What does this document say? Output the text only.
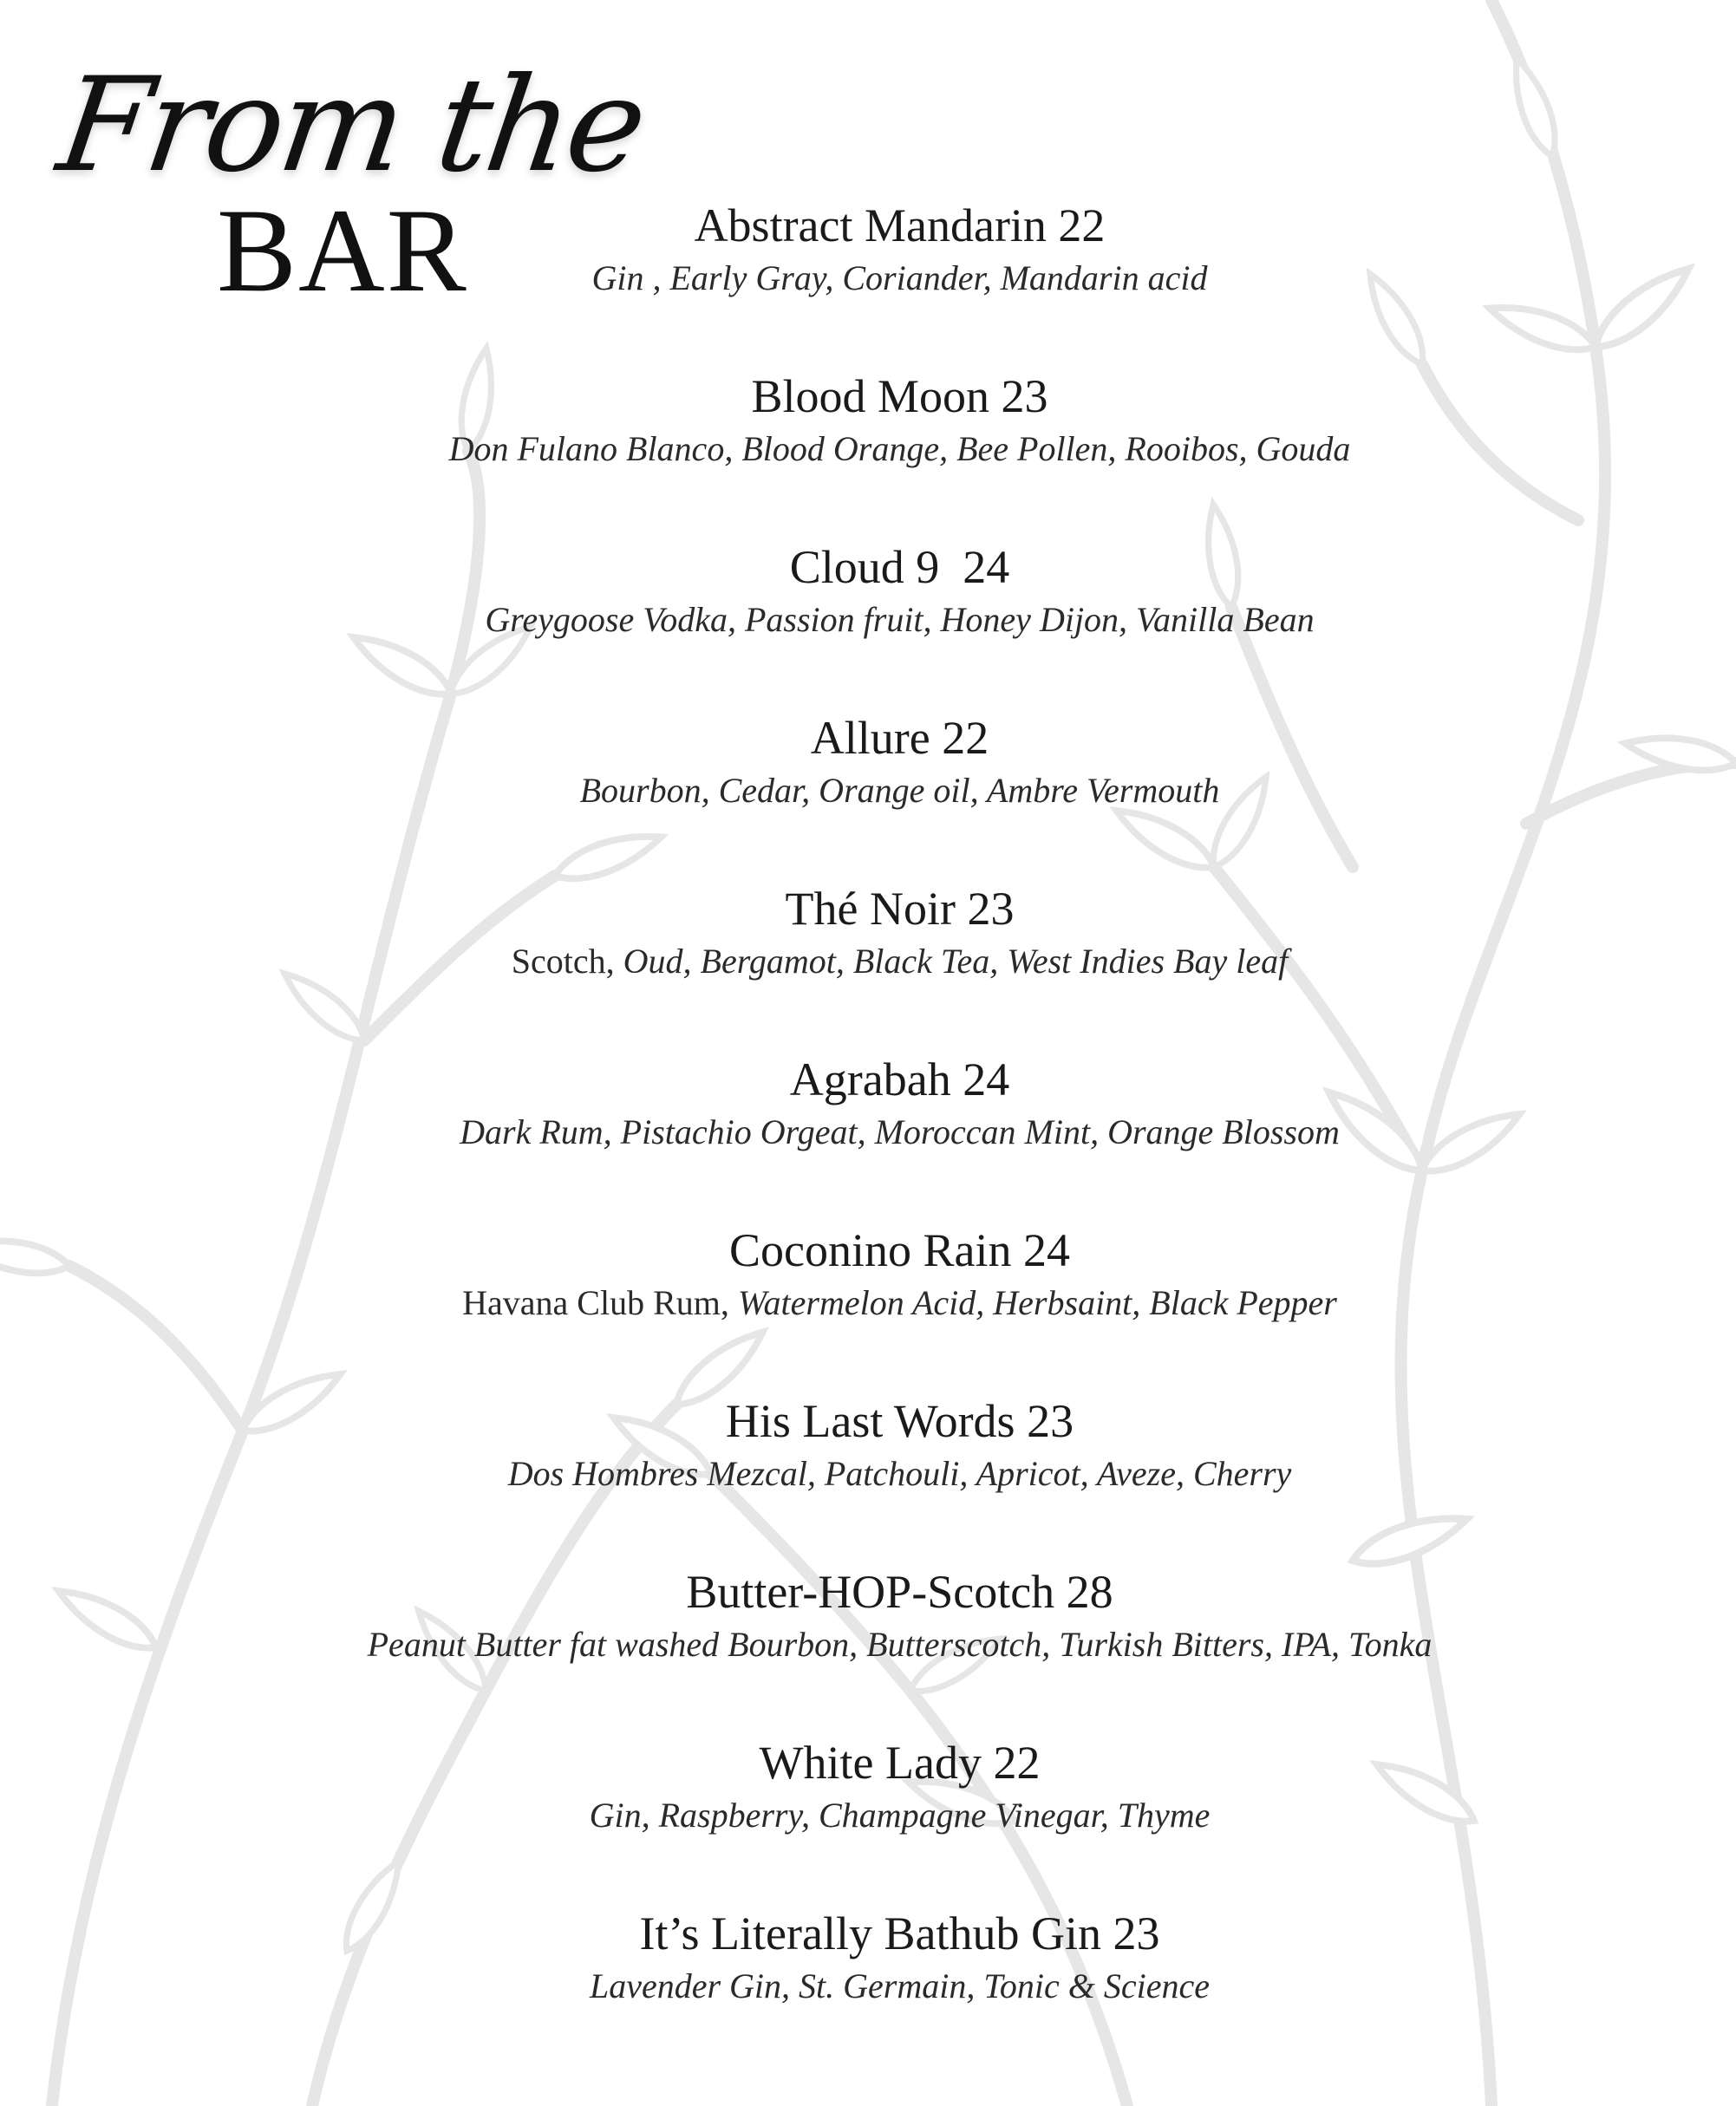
From the
BAR	Abstract Mandarin 22
Gin , Early Gray, Coriander, Mandarin acid
Blood Moon 23
Don Fulano Blanco, Blood Orange, Bee Pollen, Rooibos, Gouda
Cloud 9  24
Greygoose Vodka, Passion fruit, Honey Dijon, Vanilla Bean
Allure 22
Bourbon, Cedar, Orange oil, Ambre Vermouth
Thé Noir 23
Scotch, Oud, Bergamot, Black Tea, West Indies Bay leaf
Agrabah 24
Dark Rum, Pistachio Orgeat, Moroccan Mint, Orange Blossom
Coconino Rain 24
Havana Club Rum, Watermelon Acid, Herbsaint, Black Pepper
His Last Words 23
Dos Hombres Mezcal, Patchouli, Apricot, Aveze, Cherry
Butter-HOP-Scotch 28
Peanut Butter fat washed Bourbon, Butterscotch, Turkish Bitters, IPA, Tonka
White Lady 22
Gin, Raspberry, Champagne Vinegar, Thyme
It’s Literally Bathub Gin 23
Lavender Gin, St. Germain, Tonic & Science
